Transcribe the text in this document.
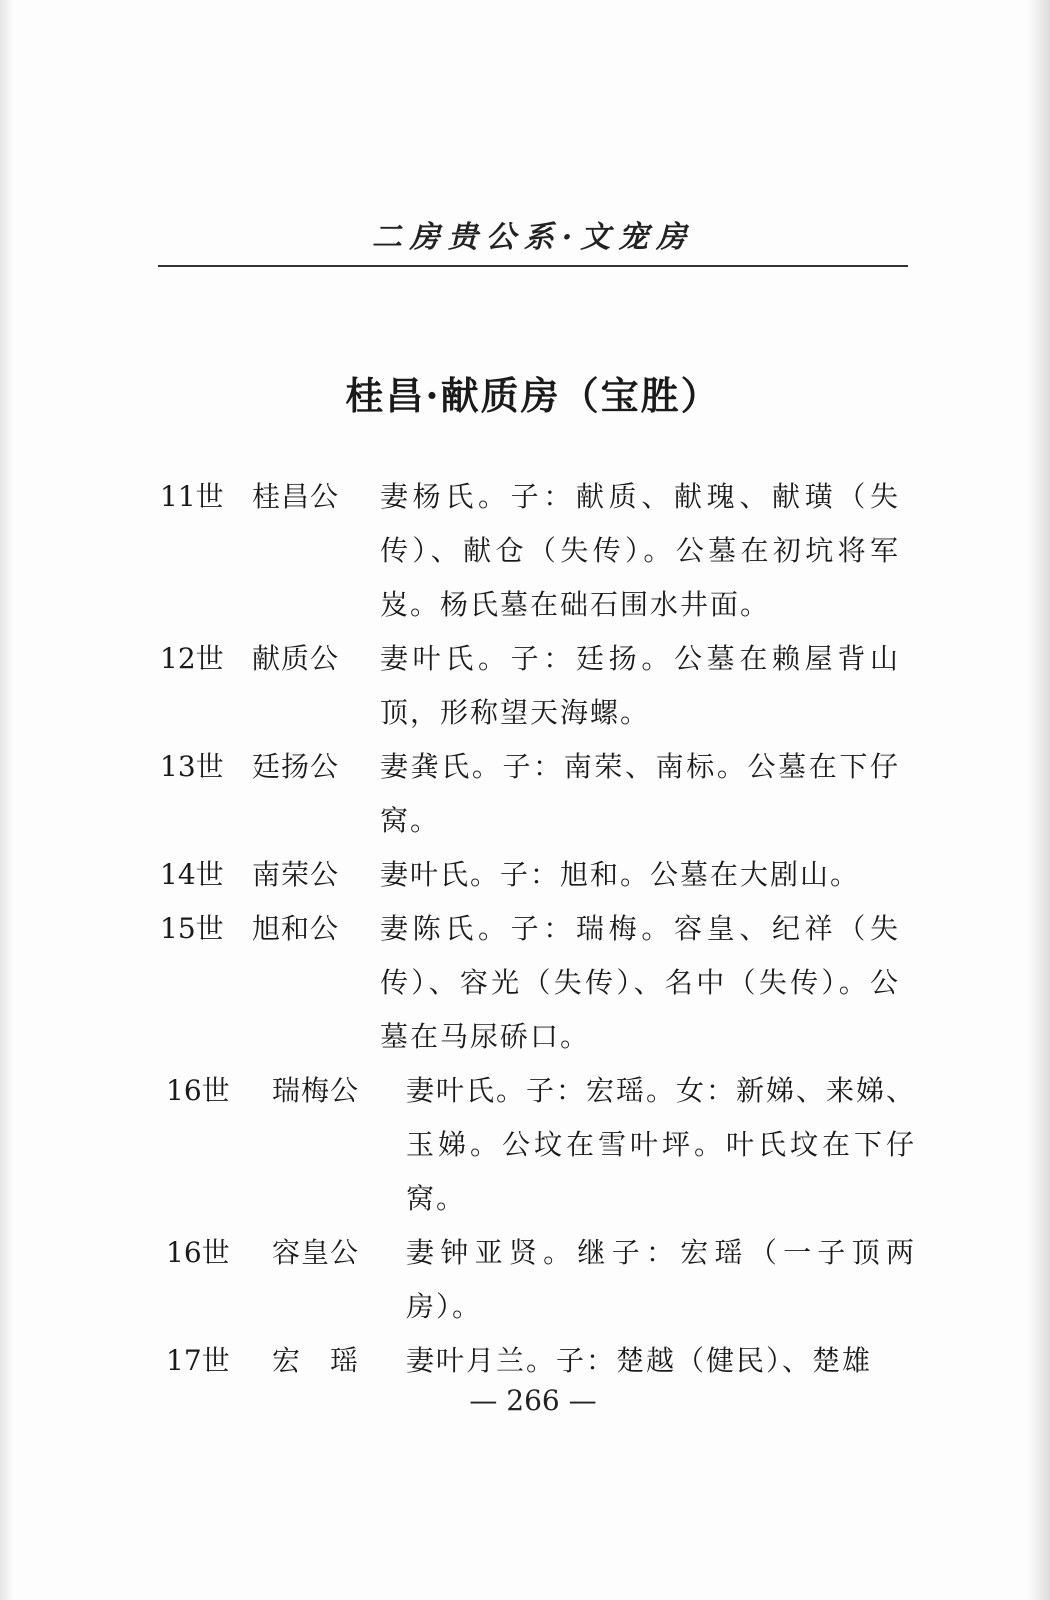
二房贵公系·文宠房
桂昌·献质房（宝胜）
11世	桂昌公	妻杨氏。子：献质、献瑰、献璜（失传）、献仓（失传）。公墓在初坑将军岌。杨氏墓在础石围水井面。
12世	献质公	妻叶氏。子：廷扬。公墓在赖屋背山顶，形称望天海螺。
13世	廷扬公	妻龚氏。子：南荣、南标。公墓在下仔窝。
14世	南荣公	妻叶氏。子：旭和。公墓在大剧山。
15世	旭和公	妻陈氏。子：瑞梅。容皇、纪祥（失传）、容光（失传）、名中（失传）。公墓在马尿硚口。
16世	瑞梅公	妻叶氏。子：宏瑶。女：新娣、来娣、玉娣。公坟在雪叶坪。叶氏坟在下仔窝。
16世	容皇公	妻钟亚贤。继子：宏瑶（一子顶两房）。
17世	宏　瑶	妻叶月兰。子：楚越（健民）、楚雄
— 266 —
